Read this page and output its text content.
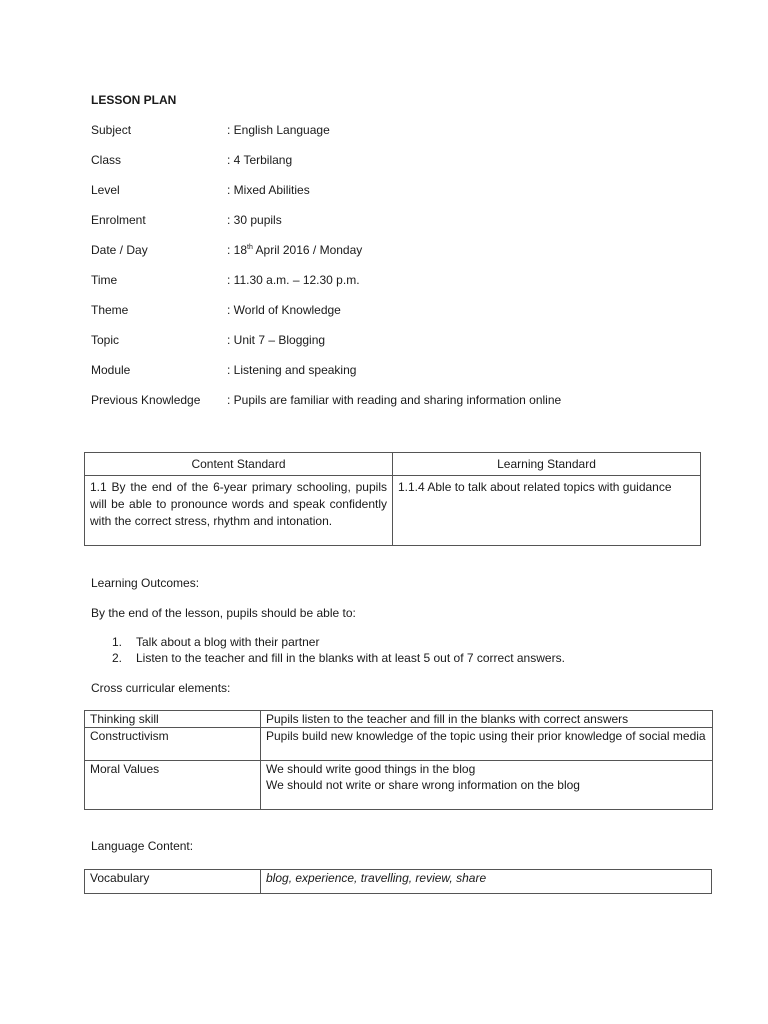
LESSON PLAN
Subject	: English Language
Class	: 4 Terbilang
Level	: Mixed Abilities
Enrolment	: 30 pupils
Date / Day	: 18th April 2016 / Monday
Time	: 11.30 a.m. – 12.30 p.m.
Theme	: World of Knowledge
Topic	: Unit 7 – Blogging
Module	: Listening and speaking
Previous Knowledge : Pupils are familiar with reading and sharing information online
Content Standard	Learning Standard
1.1 By the end of the 6-year primary schooling, pupils will be able to pronounce words and speak confidently with the correct stress, rhythm and intonation.	1.1.4 Able to talk about related topics with guidance
Learning Outcomes:
By the end of the lesson, pupils should be able to:
1. Talk about a blog with their partner
2. Listen to the teacher and fill in the blanks with at least 5 out of 7 correct answers.
Cross curricular elements:
Thinking skill	Pupils listen to the teacher and fill in the blanks with correct answers
Constructivism	Pupils build new knowledge of the topic using their prior knowledge of social media
Moral Values	We should write good things in the blog
We should not write or share wrong information on the blog
Language Content:
Vocabulary	blog, experience, travelling, review, share
